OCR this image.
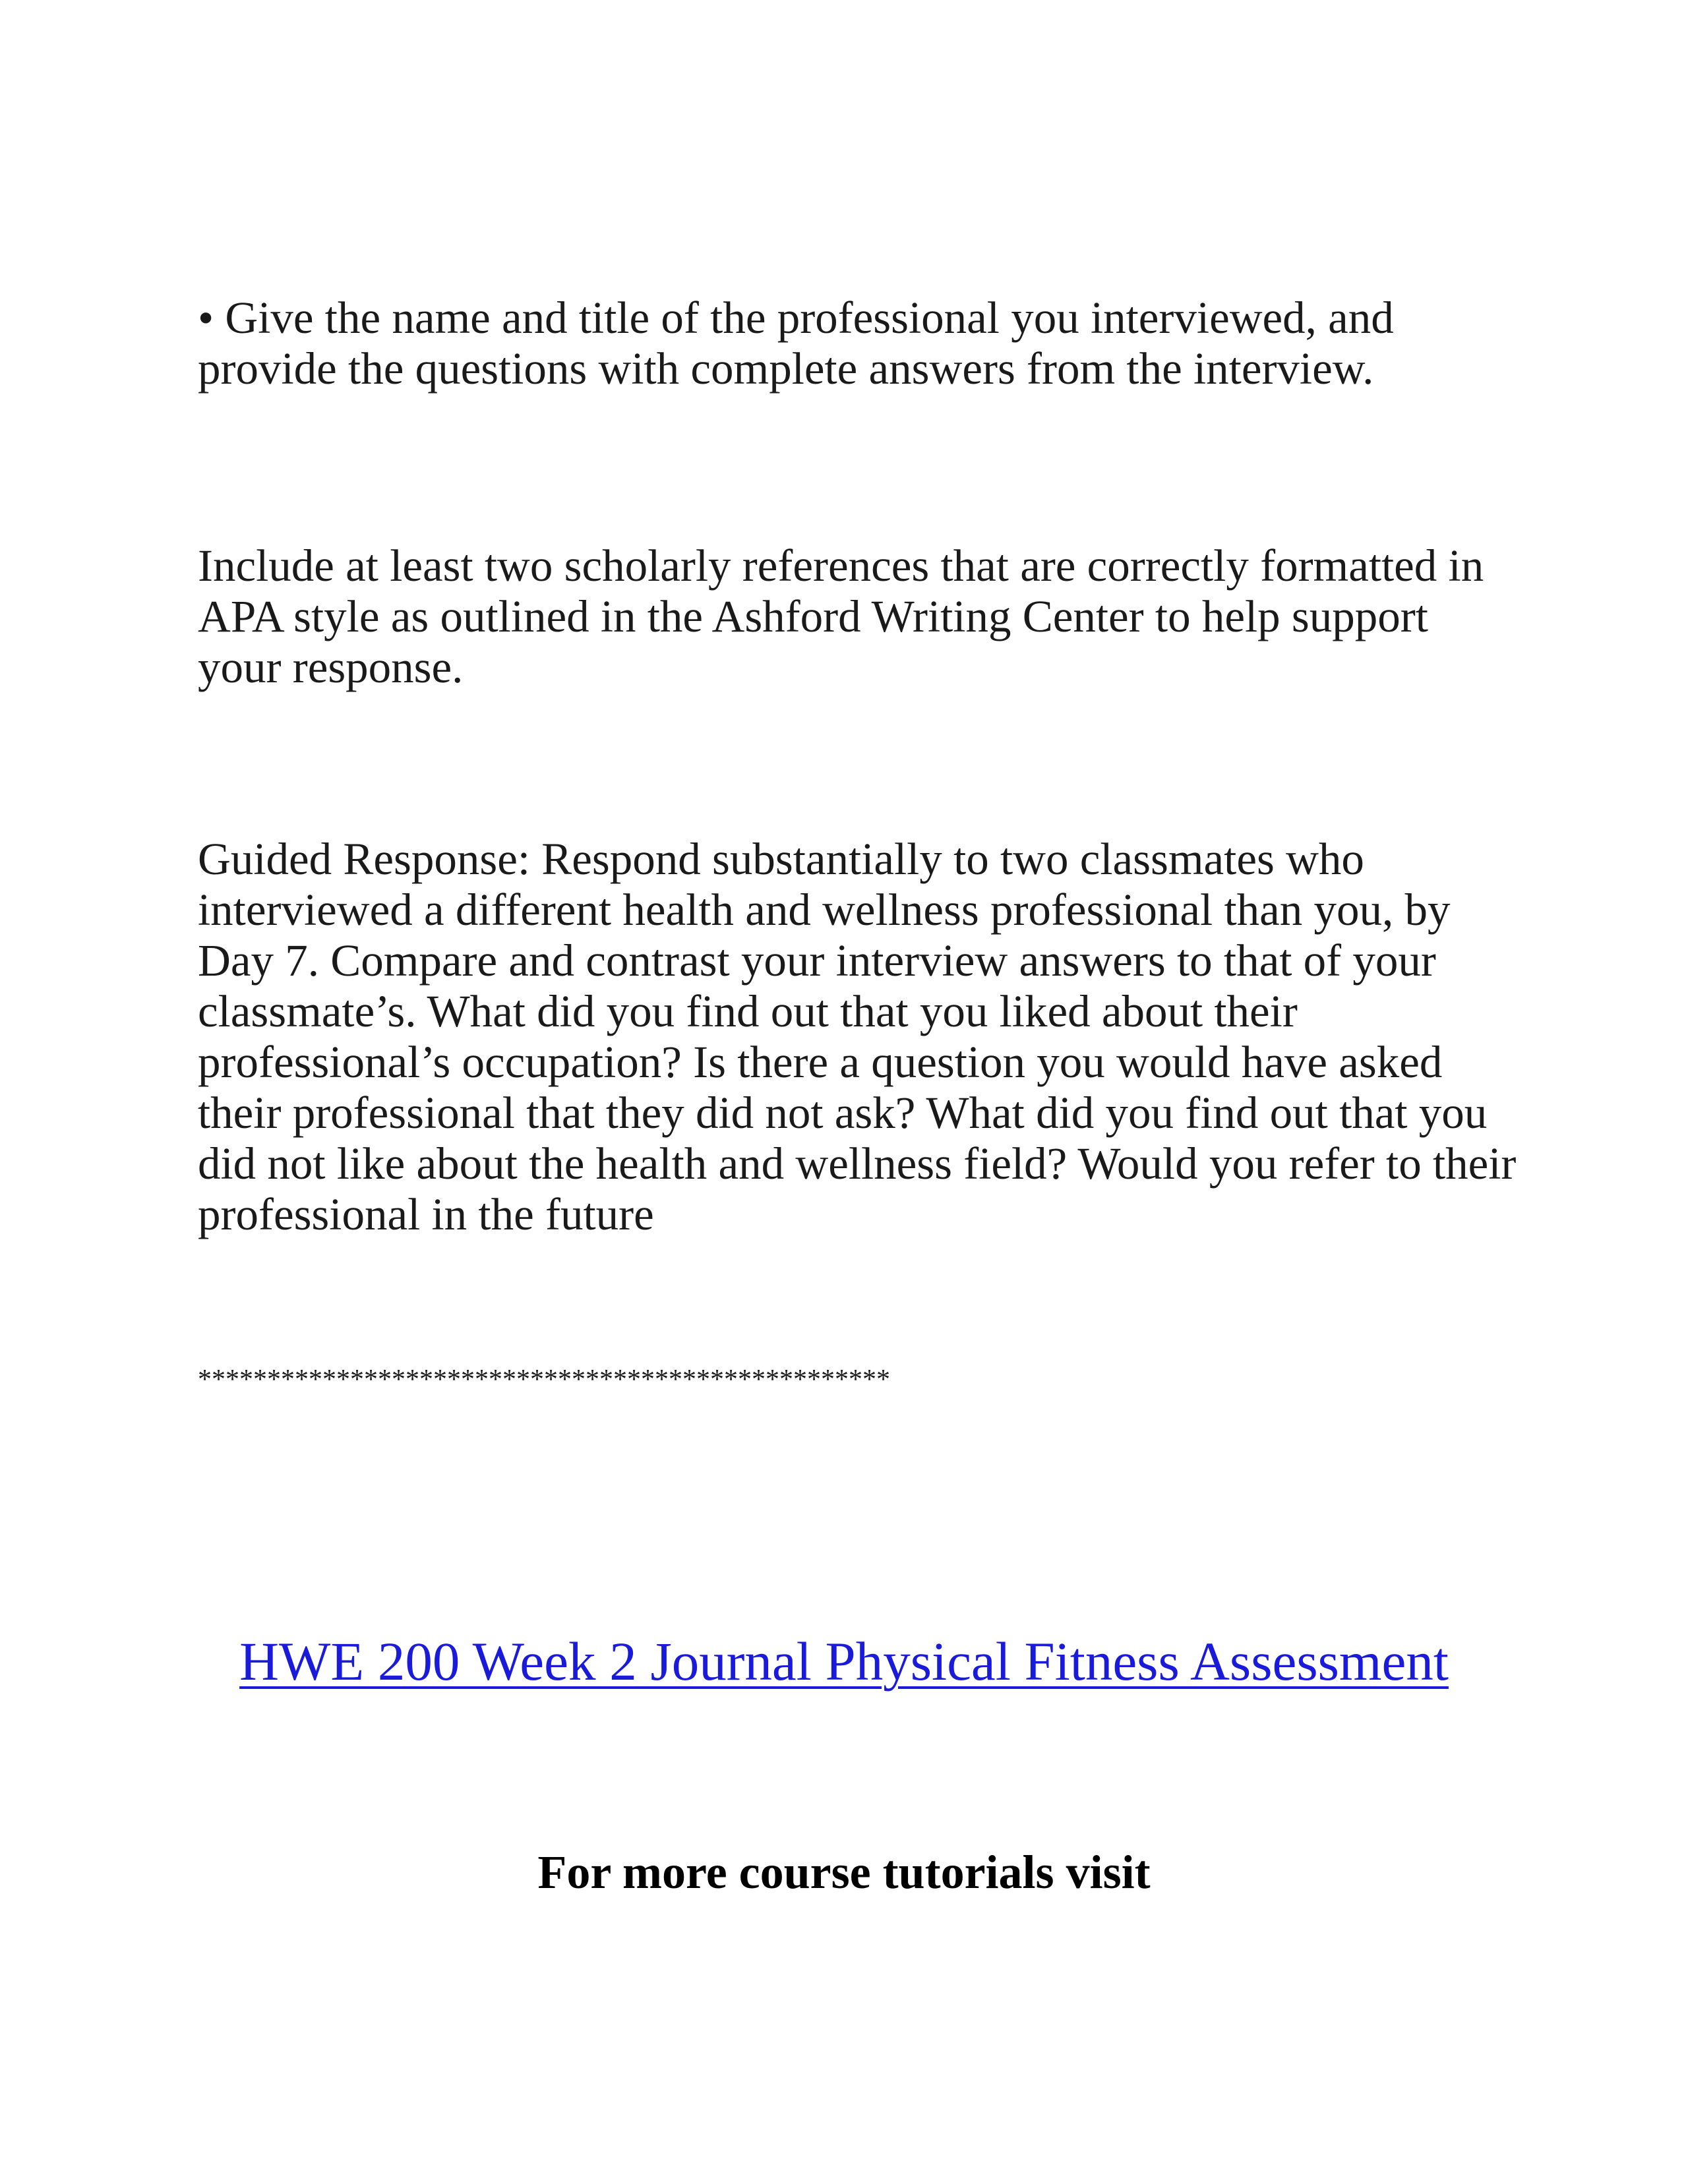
• Give the name and title of the professional you interviewed, and
provide the questions with complete answers from the interview.

Include at least two scholarly references that are correctly formatted in
APA style as outlined in the Ashford Writing Center to help support
your response.

Guided Response: Respond substantially to two classmates who
interviewed a different health and wellness professional than you, by
Day 7. Compare and contrast your interview answers to that of your
classmate’s. What did you find out that you liked about their
professional’s occupation? Is there a question you would have asked
their professional that they did not ask? What did you find out that you
did not like about the health and wellness field? Would you refer to their
professional in the future

**************************************************

HWE 200 Week 2 Journal Physical Fitness Assessment

For more course tutorials visit
